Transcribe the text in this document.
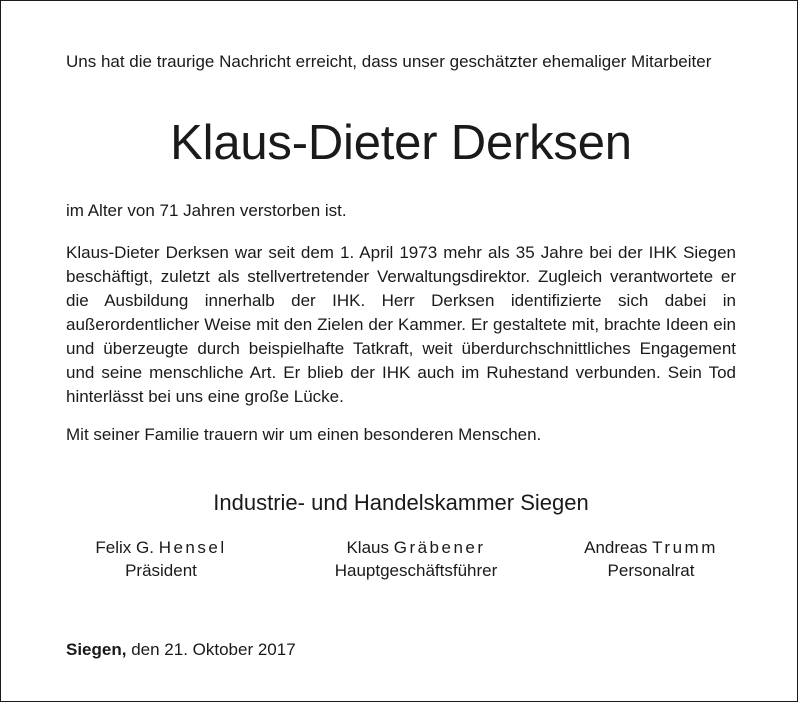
Uns hat die traurige Nachricht erreicht, dass unser geschätzter ehemaliger Mitarbeiter

Klaus-Dieter Derksen

im Alter von 71 Jahren verstorben ist.

Klaus-Dieter Derksen war seit dem 1. April 1973 mehr als 35 Jahre bei der IHK Siegen beschäftigt, zuletzt als stellvertretender Verwaltungsdirektor. Zugleich verantwortete er die Ausbildung innerhalb der IHK. Herr Derksen identifizierte sich dabei in außerordentlicher Weise mit den Zielen der Kammer. Er gestaltete mit, brachte Ideen ein und überzeugte durch beispielhafte Tatkraft, weit überdurchschnittliches Engagement und seine menschliche Art. Er blieb der IHK auch im Ruhestand verbunden. Sein Tod hinterlässt bei uns eine große Lücke.

Mit seiner Familie trauern wir um einen besonderen Menschen.

Industrie- und Handelskammer Siegen

Felix G. Hensel
Präsident
Klaus Gräbener
Hauptgeschäftsführer
Andreas Trumm
Personalrat

Siegen, den 21. Oktober 2017
